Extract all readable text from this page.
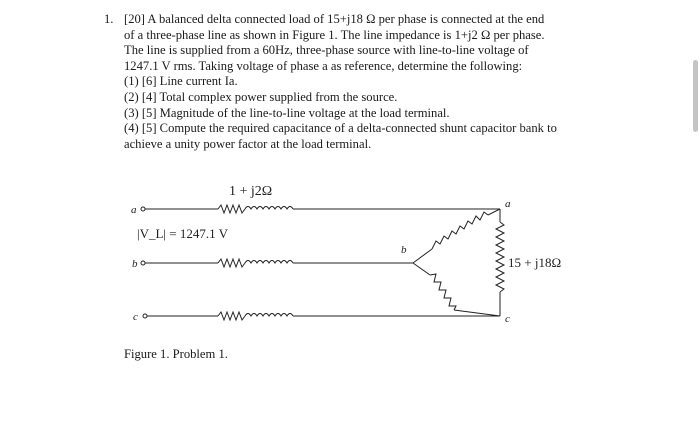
1. [20] A balanced delta connected load of 15+j18 Ω per phase is connected at the end
of a three-phase line as shown in Figure 1. The line impedance is 1+j2 Ω per phase.
The line is supplied from a 60Hz, three-phase source with line-to-line voltage of
1247.1 V rms. Taking voltage of phase a as reference, determine the following:
(1) [6] Line current Ia.
(2) [4] Total complex power supplied from the source.
(3) [5] Magnitude of the line-to-line voltage at the load terminal.
(4) [5] Compute the required capacitance of a delta-connected shunt capacitor bank to
achieve a unity power factor at the load terminal.
a
b
c
1 + j2Ω
|V_L| = 1247.1 V
a
b
c
15 + j18Ω
Figure 1. Problem 1.
